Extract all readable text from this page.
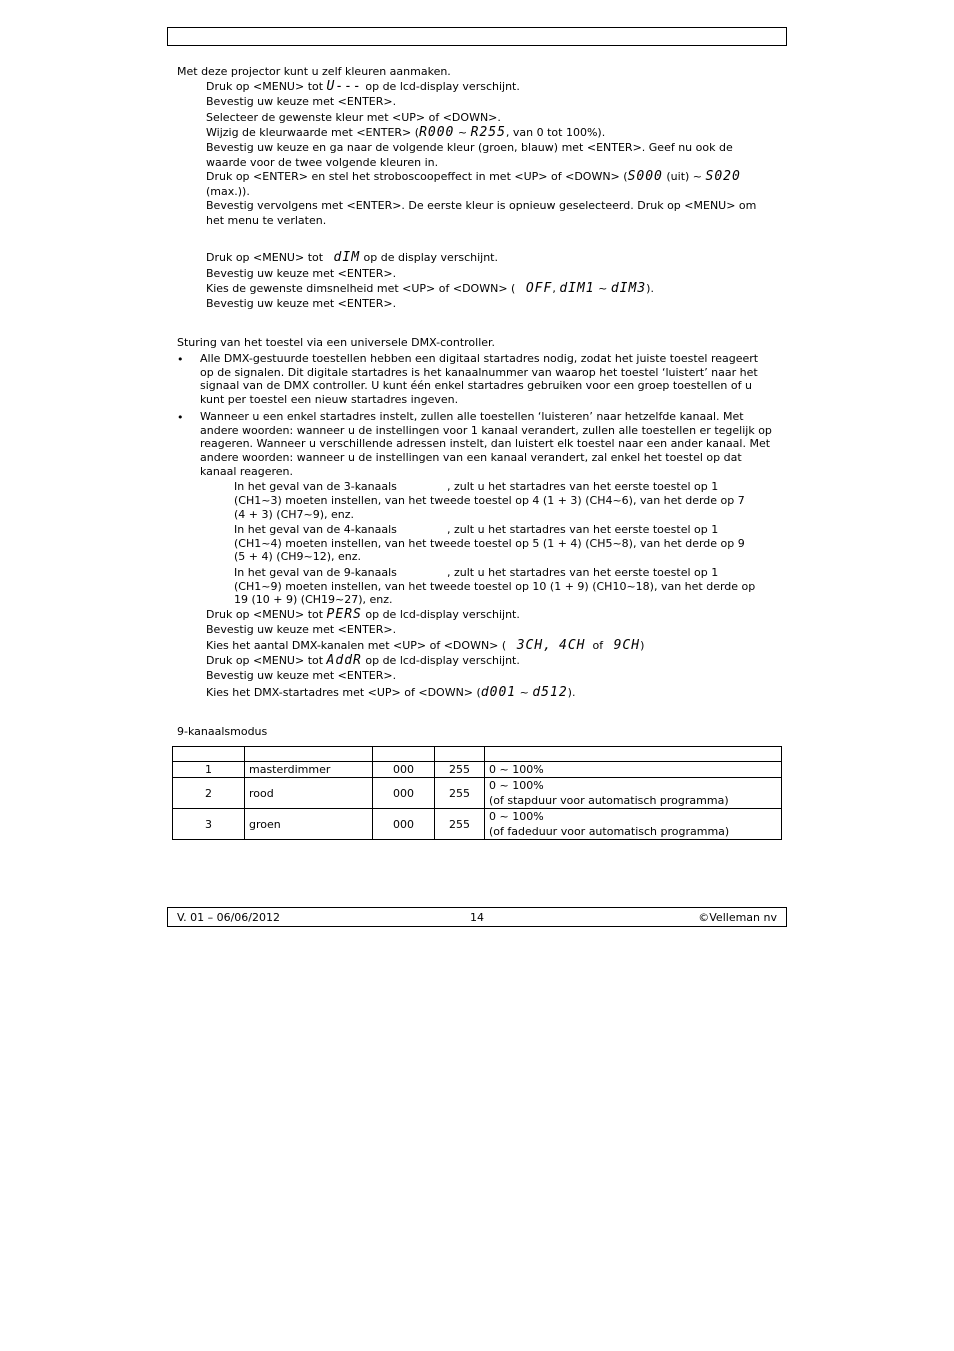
Met deze projector kunt u zelf kleuren aanmaken.
Druk op <MENU> tot U--- op de lcd-display verschijnt.
Bevestig uw keuze met <ENTER>.
Selecteer de gewenste kleur met <UP> of <DOWN>.
Wijzig de kleurwaarde met <ENTER> (R000 ~ R255, van 0 tot 100%).
Bevestig uw keuze en ga naar de volgende kleur (groen, blauw) met <ENTER>. Geef nu ook de waarde voor de twee volgende kleuren in.
Druk op <ENTER> en stel het stroboscoopeffect in met <UP> of <DOWN> (S000 (uit) ~ S020
(max.)).
Bevestig vervolgens met <ENTER>. De eerste kleur is opnieuw geselecteerd. Druk op <MENU> om het menu te verlaten.
Druk op <MENU> tot dIM op de display verschijnt.
Bevestig uw keuze met <ENTER>.
Kies de gewenste dimsnelheid met <UP> of <DOWN> ( OFF, dIM1 ~ dIM3).
Bevestig uw keuze met <ENTER>.
Sturing van het toestel via een universele DMX-controller.
• Alle DMX-gestuurde toestellen hebben een digitaal startadres nodig, zodat het juiste toestel reageert op de signalen. Dit digitale startadres is het kanaalnummer van waarop het toestel ‘luistert’ naar het signaal van de DMX controller. U kunt één enkel startadres gebruiken voor een groep toestellen of u kunt per toestel een nieuw startadres ingeven.
• Wanneer u een enkel startadres instelt, zullen alle toestellen ‘luisteren’ naar hetzelfde kanaal. Met andere woorden: wanneer u de instellingen voor 1 kanaal verandert, zullen alle toestellen er tegelijk op reageren. Wanneer u verschillende adressen instelt, dan luistert elk toestel naar een ander kanaal. Met andere woorden: wanneer u de instellingen van een kanaal verandert, zal enkel het toestel op dat kanaal reageren.
In het geval van de 3-kanaals	, zult u het startadres van het eerste toestel op 1
(CH1~3) moeten instellen, van het tweede toestel op 4 (1 + 3) (CH4~6), van het derde op 7
(4 + 3) (CH7~9), enz.
In het geval van de 4-kanaals	, zult u het startadres van het eerste toestel op 1
(CH1~4) moeten instellen, van het tweede toestel op 5 (1 + 4) (CH5~8), van het derde op 9
(5 + 4) (CH9~12), enz.
In het geval van de 9-kanaals	, zult u het startadres van het eerste toestel op 1
(CH1~9) moeten instellen, van het tweede toestel op 10 (1 + 9) (CH10~18), van het derde op
19 (10 + 9) (CH19~27), enz.
Druk op <MENU> tot PERS op de lcd-display verschijnt.
Bevestig uw keuze met <ENTER>.
Kies het aantal DMX-kanalen met <UP> of <DOWN> ( 3CH, 4CH of 9CH)
Druk op <MENU> tot AddR op de lcd-display verschijnt.
Bevestig uw keuze met <ENTER>.
Kies het DMX-startadres met <UP> of <DOWN> (d001 ~ d512).
9-kanaalsmodus

1	masterdimmer	000	255	0 ~ 100%
2	rood	000	255	0 ~ 100%
(of stapduur voor automatisch programma)
3	groen	000	255	0 ~ 100%
(of fadeduur voor automatisch programma)
V. 01 – 06/06/2012	14	©Velleman nv
